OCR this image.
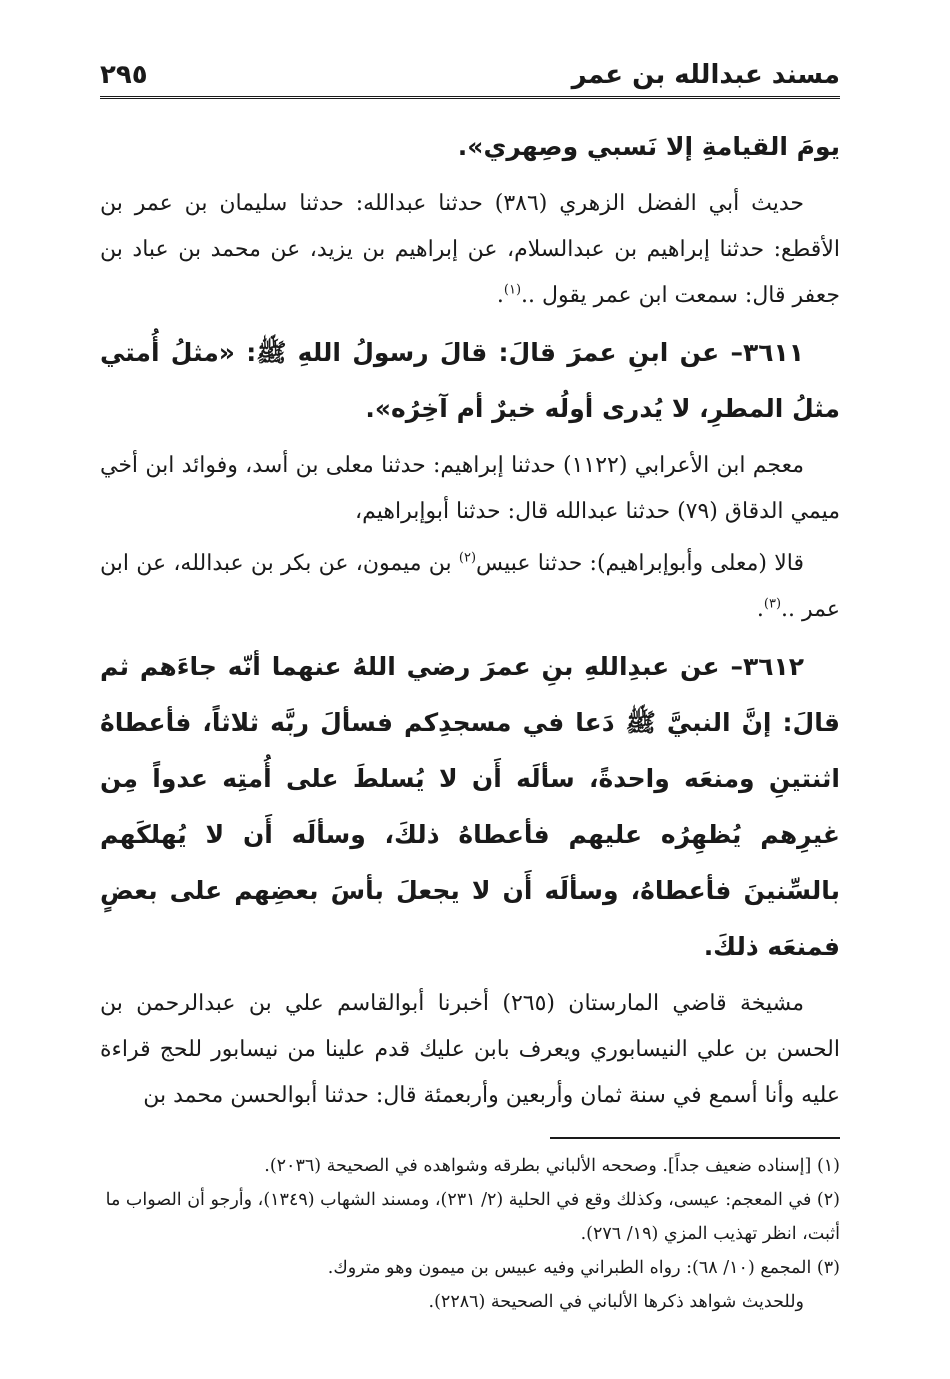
مسند عبدالله بن عمر
٢٩٥

يومَ القيامةِ إلا نَسبي وصِهري».

حديث أبي الفضل الزهري (٣٨٦) حدثنا عبدالله: حدثنا سليمان بن عمر بن الأقطع: حدثنا إبراهيم بن عبدالسلام، عن إبراهيم بن يزيد، عن محمد بن عباد بن جعفر قال: سمعت ابن عمر يقول ..$^{(١)}$.

٣٦١١– عن ابنِ عمرَ قالَ: قالَ رسولُ اللهِ ﷺ: «مثلُ أُمتي مثلُ المطرِ، لا يُدرى أولُه خيرٌ أم آخِرُه».

معجم ابن الأعرابي (١١٢٢) حدثنا إبراهيم: حدثنا معلى بن أسد، وفوائد ابن أخي ميمي الدقاق (٧٩) حدثنا عبدالله قال: حدثنا أبوإبراهيم،

قالا (معلى وأبوإبراهيم): حدثنا عبيس$^{(٢)}$ بن ميمون، عن بكر بن عبدالله، عن ابن عمر ..$^{(٣)}$.

٣٦١٢– عن عبدِاللهِ بنِ عمرَ رضي اللهُ عنهما أنّه جاءَهم ثم قالَ: إنَّ النبيَّ ﷺ دَعا في مسجدِكم فسألَ ربَّه ثلاثاً، فأعطاهُ اثنتينِ ومنعَه واحدةً، سألَه أَن لا يُسلطَ على أُمتِه عدواً مِن غيرِهم يُظهِرُه عليهم فأعطاهُ ذلكَ، وسألَه أَن لا يُهلكَهم بالسِّنينَ فأعطاهُ، وسألَه أَن لا يجعلَ بأسَ بعضِهم على بعضٍ فمنعَه ذلكَ.

مشيخة قاضي المارستان (٢٦٥) أخبرنا أبوالقاسم علي بن عبدالرحمن بن الحسن بن علي النيسابوري ويعرف بابن عليك قدم علينا من نيسابور للحج قراءة عليه وأنا أسمع في سنة ثمان وأربعين وأربعمئة قال: حدثنا أبوالحسن محمد بن

(١) [إسناده ضعيف جداً]. وصححه الألباني بطرقه وشواهده في الصحيحة (٢٠٣٦).

(٢) في المعجم: عيسى، وكذلك وقع في الحلية (٢/ ٢٣١)، ومسند الشهاب (١٣٤٩)، وأرجو أن الصواب ما أثبت، انظر تهذيب المزي (١٩/ ٢٧٦).

(٣) المجمع (١٠/ ٦٨): رواه الطبراني وفيه عبيس بن ميمون وهو متروك.

وللحديث شواهد ذكرها الألباني في الصحيحة (٢٢٨٦).
